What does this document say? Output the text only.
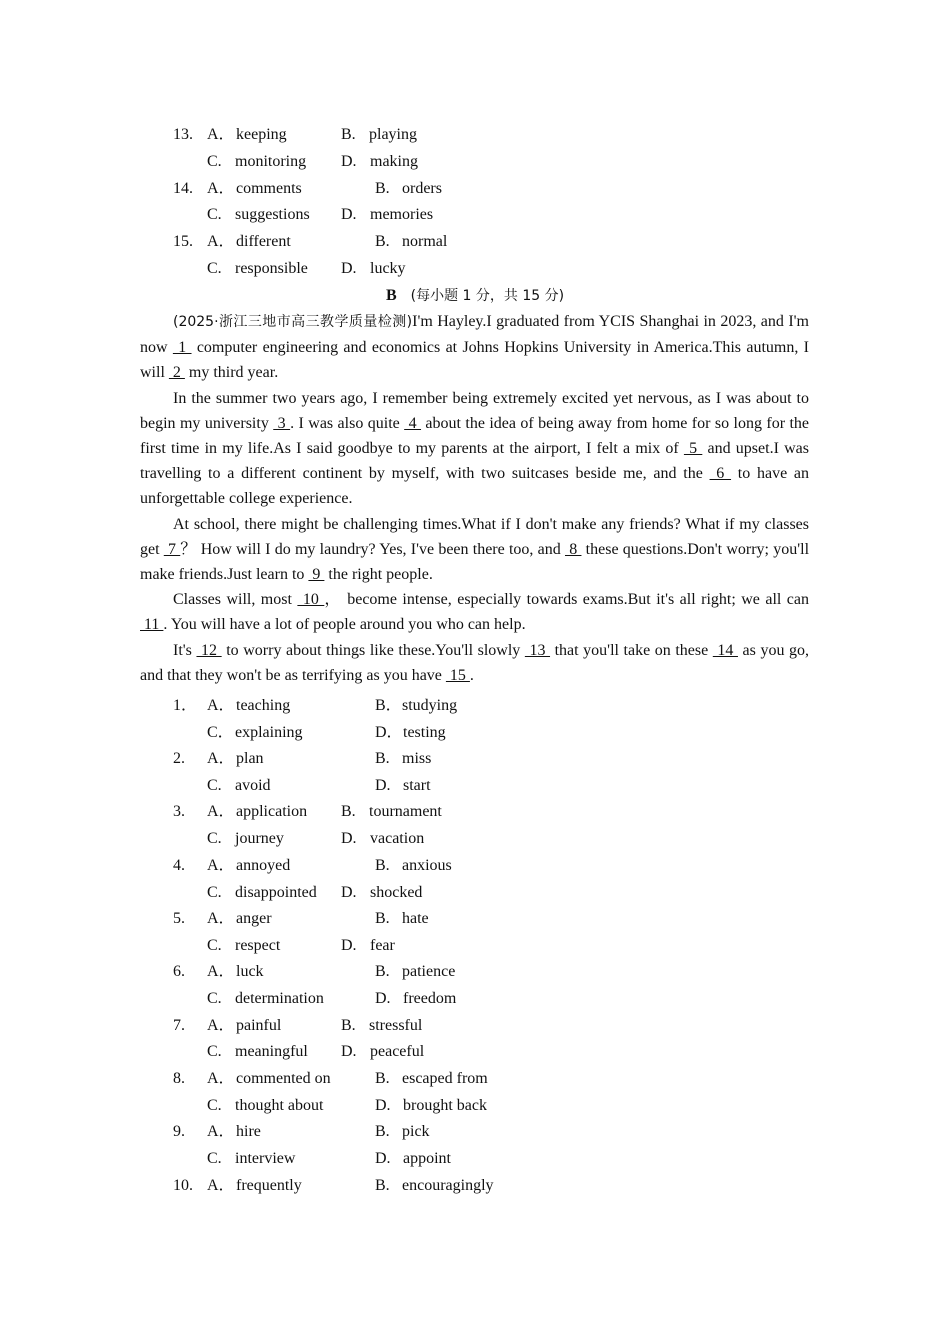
13. A． keeping	B. playing
C. monitoring D. making
14. A． comments	B. orders
C. suggestions D. memories
15. A． different	B. normal
C. responsible D. lucky
B (每小题 1 分，共 15 分)

(2025·浙江三地市高三教学质量检测)I'm Hayley.I graduated from YCIS Shanghai in 2023, and I'm now  1  computer engineering and economics at Johns Hopkins University in America.This autumn, I will  2  my third year.

In the summer two years ago, I remember being extremely excited yet nervous, as I was about to begin my university  3 . I was also quite  4  about the idea of being away from home for so long for the first time in my life.As I said goodbye to my parents at the airport, I felt a mix of  5  and upset.I was travelling to a different continent by myself, with two suitcases beside me, and the  6  to have an unforgettable college experience.

At school, there might be challenging times.What if I don't make any friends? What if my classes get  7 ？ How will I do my laundry? Yes, I've been there too, and  8  these questions.Don't worry; you'll make friends.Just learn to  9  the right people.

Classes will, most  10 ， become intense, especially towards exams.But it's all right; we all can  11 . You will have a lot of people around you who can help.

It's  12  to worry about things like these.You'll slowly  13  that you'll take on these  14  as you go, and that they won't be as terrifying as you have  15 .

1． A． teaching	B． studying
C． explaining	D． testing
2. A． plan	B. miss
C. avoid	D. start
3. A． application B. tournament
C. journey	D. vacation
4. A． annoyed	B. anxious
C. disappointed D. shocked
5. A． anger	B. hate
C. respect	D. fear
6. A． luck	B. patience
C. determination	D. freedom
7. A． painful	B. stressful
C. meaningful D. peaceful
8. A． commented on	B. escaped from
C. thought about	D. brought back
9. A． hire	B. pick
C. interview	D. appoint
10. A． frequently	B. encouragingly
